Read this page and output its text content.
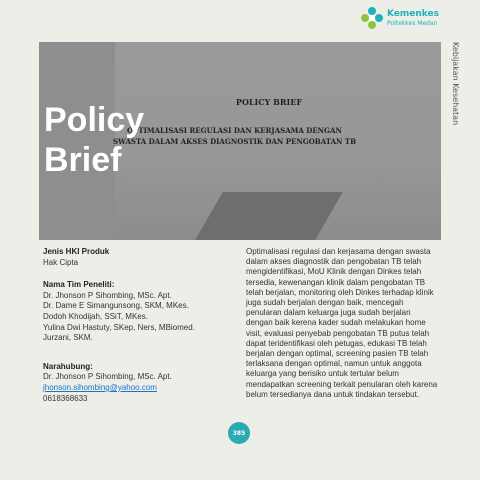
Kemenkes
Poltekkes Medan
Kebijakan Kesehatan
POLICY BRIEF
OPTIMALISASI REGULASI DAN KERJASAMA DENGAN
SWASTA DALAM AKSES DIAGNOSTIK DAN PENGOBATAN TB
Policy
Brief
Jenis HKI Produk
Hak Cipta
Nama Tim Peneliti:
Dr. Jhonson P Sihombing, MSc. Apt.
Dr. Dame E Simangunsong, SKM, MKes.
Dodoh Khodijah, SSiT, MKes.
Yulina Dwi Hastuty, SKep, Ners, MBiomed.
Jurzani, SKM.
Narahubung:
Dr. Jhonson P Sihombing, MSc. Apt.
jhonson.sihombing@yahoo.com
0618368633
Optimalisasi regulasi dan kerjasama dengan swasta dalam akses diagnostik dan pengobatan TB telah mengidentifikasi, MoU Klinik dengan Dinkes telah tersedia, kewenangan klinik dalam pengobatan TB telah berjalan, monitoring oleh Dinkes terhadap klinik juga sudah berjalan dengan baik, mencegah penularan dalam keluarga juga sudah berjalan dengan baik kerena kader sudah melakukan home visit, evaluasi penyebab pengobatan TB putus telah dapat teridentifikasi oleh petugas, edukasi TB telah berjalan dengan optimal, screening pasien TB telah terlaksana dengan optimal, namun untuk anggota keluarga yang berisiko untuk tertular belum mendapatkan screening terkait penularan oleh karena belum tersedianya dana untuk tindakan tersebut.
385
